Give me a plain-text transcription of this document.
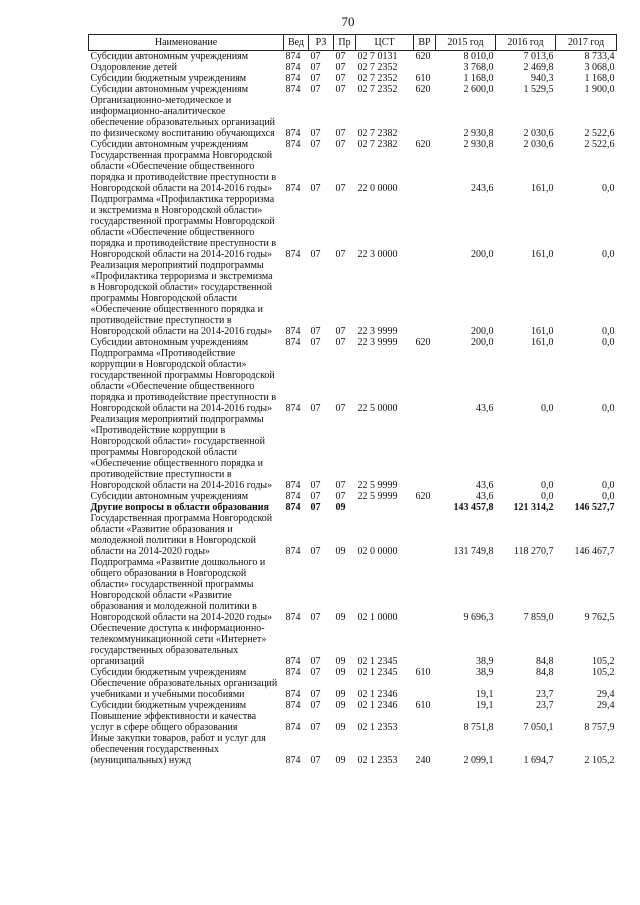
70
Наименование	Вед	РЗ	Пр	ЦСТ	ВР	2015 год	2016 год	2017 год
Субсидии автономным учреждениям	874	07	07	02 7 0131	620	8 010,0	7 013,6	8 733,4
Оздоровление детей	874	07	07	02 7 2352		3 768,0	2 469,8	3 068,0
Субсидии бюджетным учреждениям	874	07	07	02 7 2352	610	1 168,0	940,3	1 168,0
Субсидии автономным учреждениям	874	07	07	02 7 2352	620	2 600,0	1 529,5	1 900,0
Организационно-методическое и информационно-аналитическое обеспечение образовательных организаций по физическому воспитанию обучающихся	874	07	07	02 7 2382		2 930,8	2 030,6	2 522,6
Субсидии автономным учреждениям	874	07	07	02 7 2382	620	2 930,8	2 030,6	2 522,6
Государственная программа Новгородской области «Обеспечение общественного порядка и противодействие преступности в Новгородской области на 2014-2016 годы»	874	07	07	22 0 0000		243,6	161,0	0,0
Подпрограмма «Профилактика терроризма и экстремизма в Новгородской области» государственной программы Новгородской области «Обеспечение общественного порядка и противодействие преступности в Новгородской области на 2014-2016 годы»	874	07	07	22 3 0000		200,0	161,0	0,0
Реализация мероприятий подпрограммы «Профилактика терроризма и экстремизма в Новгородской области» государственной программы Новгородской области «Обеспечение общественного порядка и противодействие преступности в Новгородской области на 2014-2016 годы»	874	07	07	22 3 9999		200,0	161,0	0,0
Субсидии автономным учреждениям	874	07	07	22 3 9999	620	200,0	161,0	0,0
Подпрограмма «Противодействие коррупции в Новгородской области» государственной программы Новгородской области «Обеспечение общественного порядка и противодействие преступности в Новгородской области на 2014-2016 годы»	874	07	07	22 5 0000		43,6	0,0	0,0
Реализация мероприятий подпрограммы «Противодействие коррупции в Новгородской области» государственной программы Новгородской области «Обеспечение общественного порядка и противодействие преступности в Новгородской области на 2014-2016 годы»	874	07	07	22 5 9999		43,6	0,0	0,0
Субсидии автономным учреждениям	874	07	07	22 5 9999	620	43,6	0,0	0,0
Другие вопросы в области образования	874	07	09			143 457,8	121 314,2	146 527,7
Государственная программа Новгородской области «Развитие образования и молодежной политики в Новгородской области на 2014-2020 годы»	874	07	09	02 0 0000		131 749,8	118 270,7	146 467,7
Подпрограмма «Развитие дошкольного и общего образования в Новгородской области» государственной программы Новгородской области «Развитие образования и молодежной политики в Новгородской области на 2014-2020 годы»	874	07	09	02 1 0000		9 696,3	7 859,0	9 762,5
Обеспечение доступа к информационно-телекоммуникационной сети «Интернет» государственных образовательных организаций	874	07	09	02 1 2345		38,9	84,8	105,2
Субсидии бюджетным учреждениям	874	07	09	02 1 2345	610	38,9	84,8	105,2
Обеспечение образовательных организаций учебниками и учебными пособиями	874	07	09	02 1 2346		19,1	23,7	29,4
Субсидии бюджетным учреждениям	874	07	09	02 1 2346	610	19,1	23,7	29,4
Повышение эффективности и качества услуг в сфере общего образования	874	07	09	02 1 2353		8 751,8	7 050,1	8 757,9
Иные закупки товаров, работ и услуг для обеспечения государственных (муниципальных) нужд	874	07	09	02 1 2353	240	2 099,1	1 694,7	2 105,2
